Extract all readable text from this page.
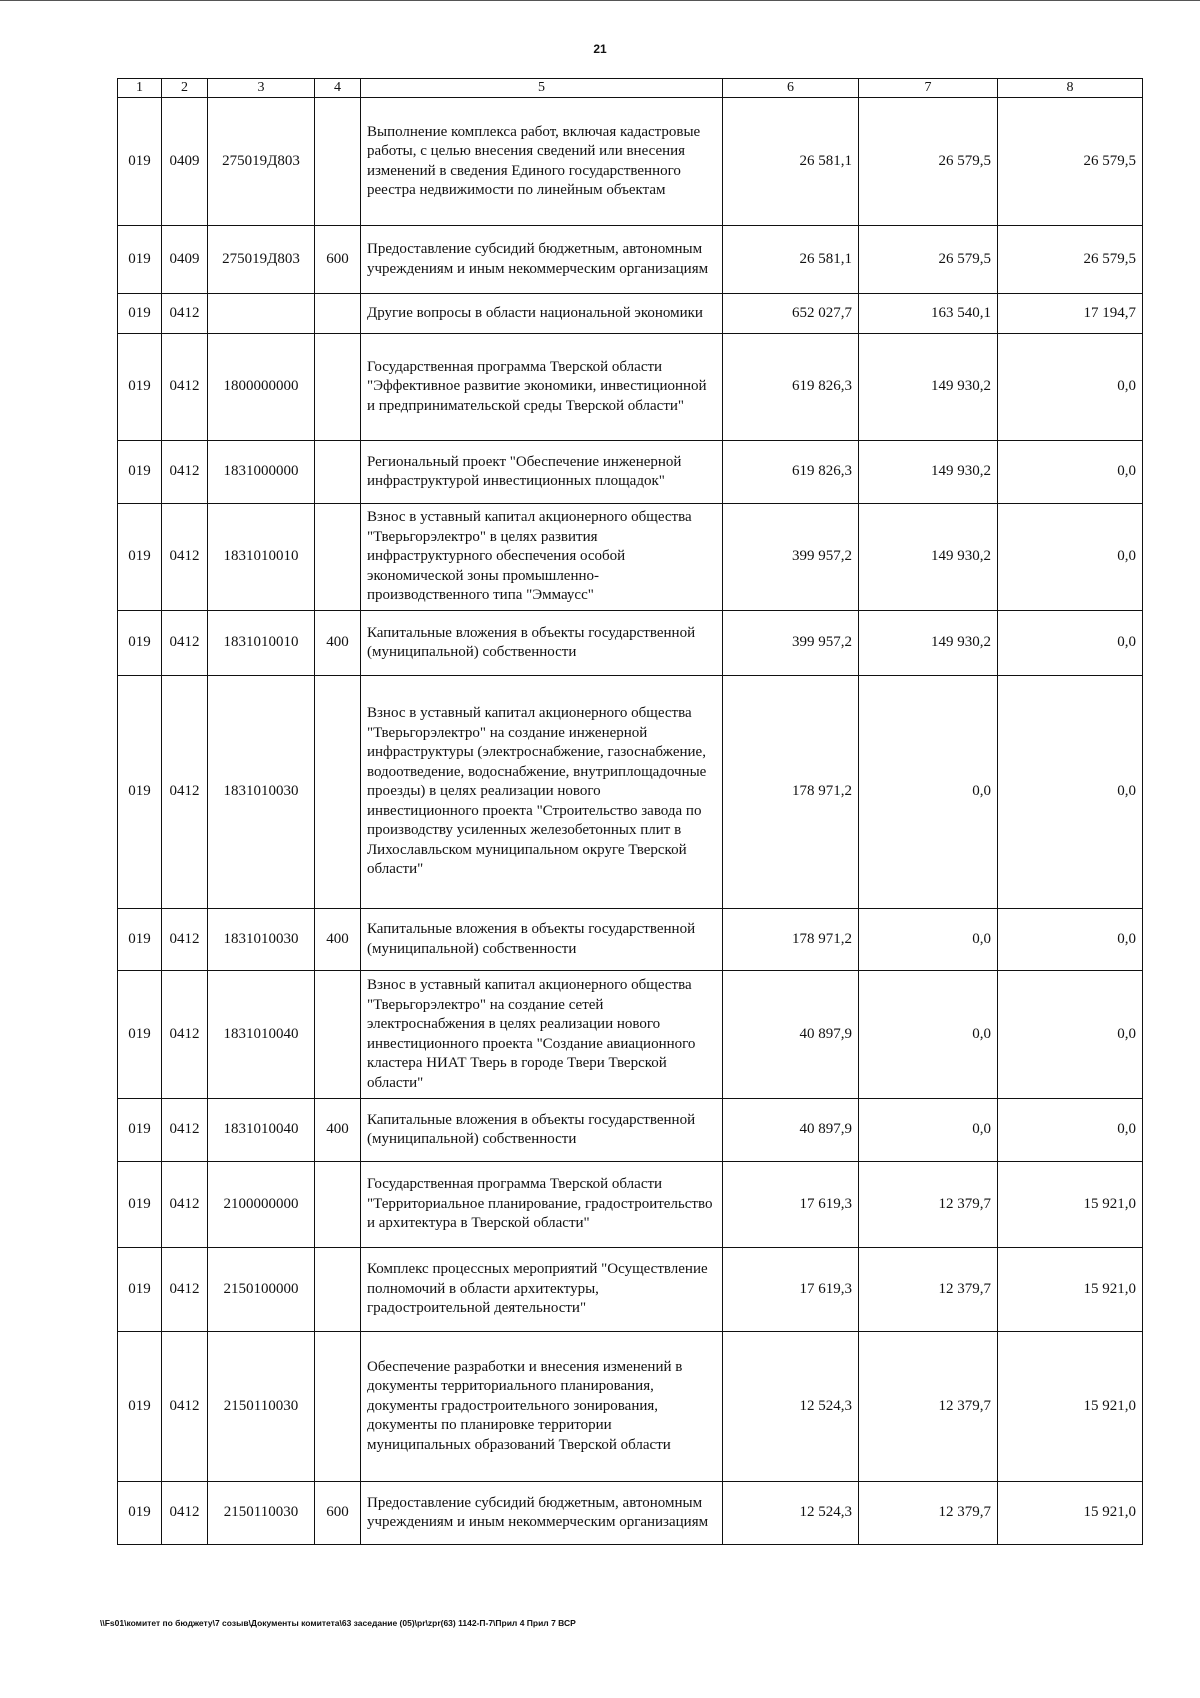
21
1	2	3	4	5	6	7	8
019	0409	275019Д803		Выполнение комплекса работ, включая кадастровые работы, с целью внесения сведений или внесения изменений в сведения Единого государственного реестра недвижимости по линейным объектам	26 581,1	26 579,5	26 579,5
019	0409	275019Д803	600	Предоставление субсидий бюджетным, автономным учреждениям и иным некоммерческим организациям	26 581,1	26 579,5	26 579,5
019	0412			Другие вопросы в области национальной экономики	652 027,7	163 540,1	17 194,7
019	0412	1800000000		Государственная программа Тверской области "Эффективное развитие экономики, инвестиционной и предпринимательской среды Тверской области"	619 826,3	149 930,2	0,0
019	0412	1831000000		Региональный проект "Обеспечение инженерной инфраструктурой инвестиционных площадок"	619 826,3	149 930,2	0,0
019	0412	1831010010		Взнос в уставный капитал акционерного общества "Тверьгорэлектро" в целях развития инфраструктурного обеспечения особой экономической зоны промышленно-производственного типа "Эммаусс"	399 957,2	149 930,2	0,0
019	0412	1831010010	400	Капитальные вложения в объекты государственной (муниципальной) собственности	399 957,2	149 930,2	0,0
019	0412	1831010030		Взнос в уставный капитал акционерного общества "Тверьгорэлектро" на создание инженерной инфраструктуры (электроснабжение, газоснабжение, водоотведение, водоснабжение, внутриплощадочные проезды) в целях реализации нового инвестиционного проекта "Строительство завода по производству усиленных железобетонных плит в Лихославльском муниципальном округе Тверской области"	178 971,2	0,0	0,0
019	0412	1831010030	400	Капитальные вложения в объекты государственной (муниципальной) собственности	178 971,2	0,0	0,0
019	0412	1831010040		Взнос в уставный капитал акционерного общества "Тверьгорэлектро" на создание сетей электроснабжения в целях реализации нового инвестиционного проекта "Создание авиационного кластера НИАТ Тверь в городе Твери Тверской области"	40 897,9	0,0	0,0
019	0412	1831010040	400	Капитальные вложения в объекты государственной (муниципальной) собственности	40 897,9	0,0	0,0
019	0412	2100000000		Государственная программа Тверской области "Территориальное планирование, градостроительство и архитектура в Тверской области"	17 619,3	12 379,7	15 921,0
019	0412	2150100000		Комплекс процессных мероприятий "Осуществление полномочий в области архитектуры, градостроительной деятельности"	17 619,3	12 379,7	15 921,0
019	0412	2150110030		Обеспечение разработки и внесения изменений в документы территориального планирования, документы градостроительного зонирования, документы по планировке территории муниципальных образований Тверской области	12 524,3	12 379,7	15 921,0
019	0412	2150110030	600	Предоставление субсидий бюджетным, автономным учреждениям и иным некоммерческим организациям	12 524,3	12 379,7	15 921,0
\\Fs01\комитет по бюджету\7 созыв\Документы комитета\63 заседание (05)\pr\zpr(63) 1142-П-7\Прил 4 Прил 7 ВСР
